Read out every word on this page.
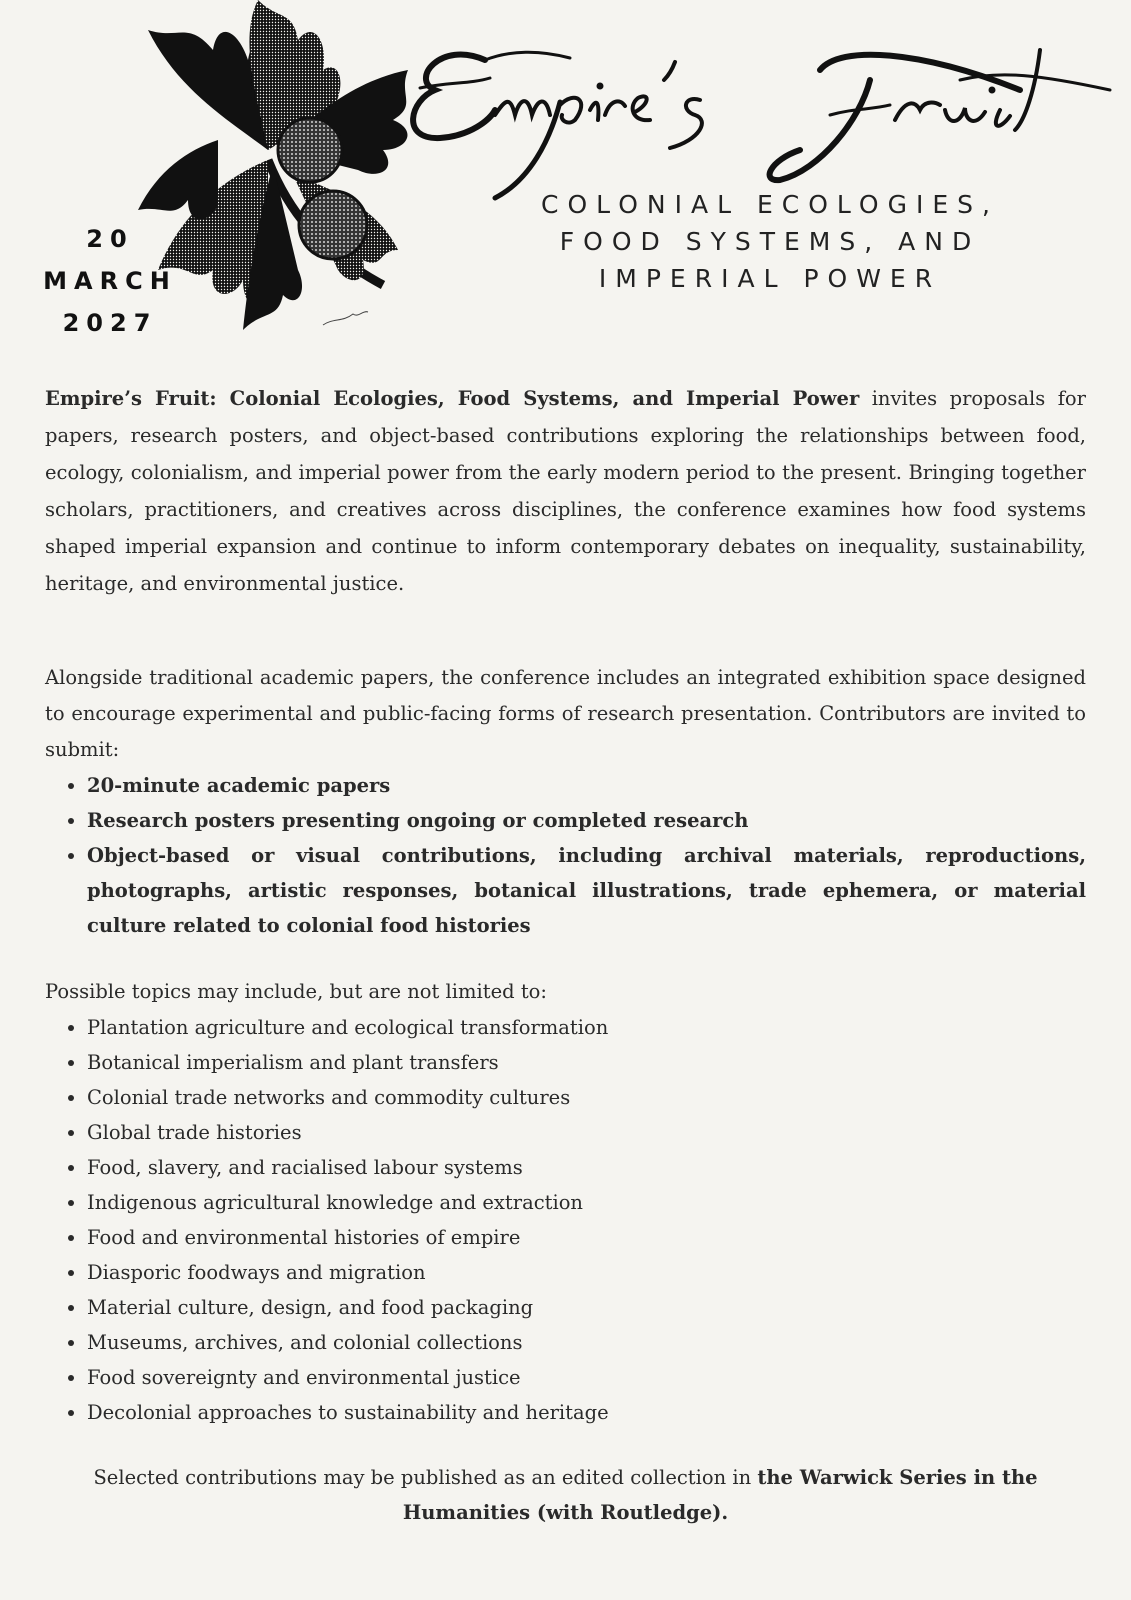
20
MARCH
2027
COLONIAL ECOLOGIES,
FOOD SYSTEMS, AND
IMPERIAL POWER

Empire’s Fruit: Colonial Ecologies, Food Systems, and Imperial Power invites proposals for papers, research posters, and object-based contributions exploring the relationships between food, ecology, colonialism, and imperial power from the early modern period to the present. Bringing together scholars, practitioners, and creatives across disciplines, the conference examines how food systems shaped imperial expansion and continue to inform contemporary debates on inequality, sustainability, heritage, and environmental justice.

Alongside traditional academic papers, the conference includes an integrated exhibition space designed to encourage experimental and public-facing forms of research presentation. Contributors are invited to submit:

• 20-minute academic papers
• Research posters presenting ongoing or completed research
• Object-based or visual contributions, including archival materials, reproductions, photographs, artistic responses, botanical illustrations, trade ephemera, or material culture related to colonial food histories

Possible topics may include, but are not limited to:

• Plantation agriculture and ecological transformation
• Botanical imperialism and plant transfers
• Colonial trade networks and commodity cultures
• Global trade histories
• Food, slavery, and racialised labour systems
• Indigenous agricultural knowledge and extraction
• Food and environmental histories of empire
• Diasporic foodways and migration
• Material culture, design, and food packaging
• Museums, archives, and colonial collections
• Food sovereignty and environmental justice
• Decolonial approaches to sustainability and heritage

Selected contributions may be published as an edited collection in the Warwick Series in the Humanities (with Routledge).
